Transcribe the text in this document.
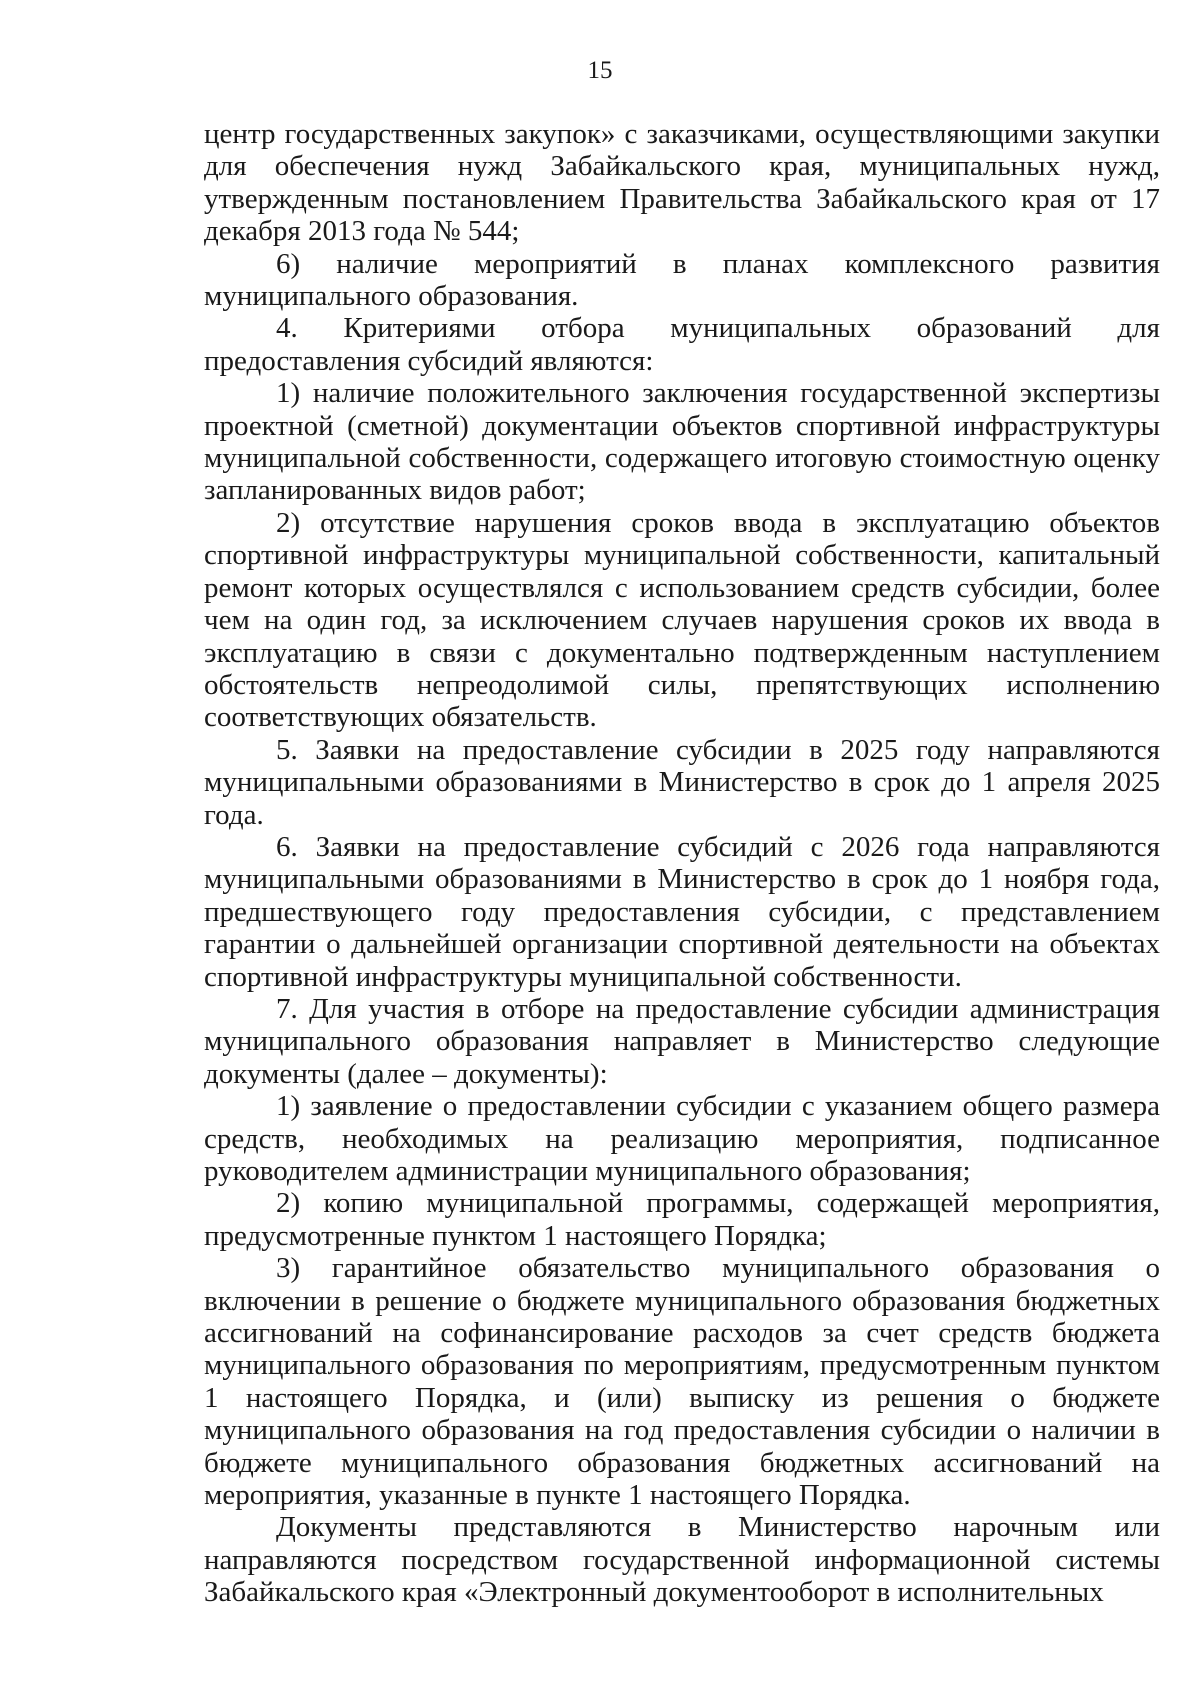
15

центр государственных закупок» с заказчиками, осуществляющими закупки для обеспечения нужд Забайкальского края, муниципальных нужд, утвержденным постановлением Правительства Забайкальского края от 17 декабря 2013 года № 544;

6) наличие мероприятий в планах комплексного развития муниципального образования.

4. Критериями отбора муниципальных образований для предоставления субсидий являются:

1) наличие положительного заключения государственной экспертизы проектной (сметной) документации объектов спортивной инфраструктуры муниципальной собственности, содержащего итоговую стоимостную оценку запланированных видов работ;

2) отсутствие нарушения сроков ввода в эксплуатацию объектов спортивной инфраструктуры муниципальной собственности, капитальный ремонт которых осуществлялся с использованием средств субсидии, более чем на один год, за исключением случаев нарушения сроков их ввода в эксплуатацию в связи с документально подтвержденным наступлением обстоятельств непреодолимой силы, препятствующих исполнению соответствующих обязательств.

5. Заявки на предоставление субсидии в 2025 году направляются муниципальными образованиями в Министерство в срок до 1 апреля 2025 года.

6. Заявки на предоставление субсидий с 2026 года направляются муниципальными образованиями в Министерство в срок до 1 ноября года, предшествующего году предоставления субсидии, с представлением гарантии о дальнейшей организации спортивной деятельности на объектах спортивной инфраструктуры муниципальной собственности.

7. Для участия в отборе на предоставление субсидии администрация муниципального образования направляет в Министерство следующие документы (далее – документы):

1) заявление о предоставлении субсидии с указанием общего размера средств, необходимых на реализацию мероприятия, подписанное руководителем администрации муниципального образования;

2) копию муниципальной программы, содержащей мероприятия, предусмотренные пунктом 1 настоящего Порядка;

3) гарантийное обязательство муниципального образования о включении в решение о бюджете муниципального образования бюджетных ассигнований на софинансирование расходов за счет средств бюджета муниципального образования по мероприятиям, предусмотренным пунктом 1 настоящего Порядка, и (или) выписку из решения о бюджете муниципального образования на год предоставления субсидии о наличии в бюджете муниципального образования бюджетных ассигнований на мероприятия, указанные в пункте 1 настоящего Порядка.

Документы представляются в Министерство нарочным или направляются посредством государственной информационной системы Забайкальского края «Электронный документооборот в исполнительных
